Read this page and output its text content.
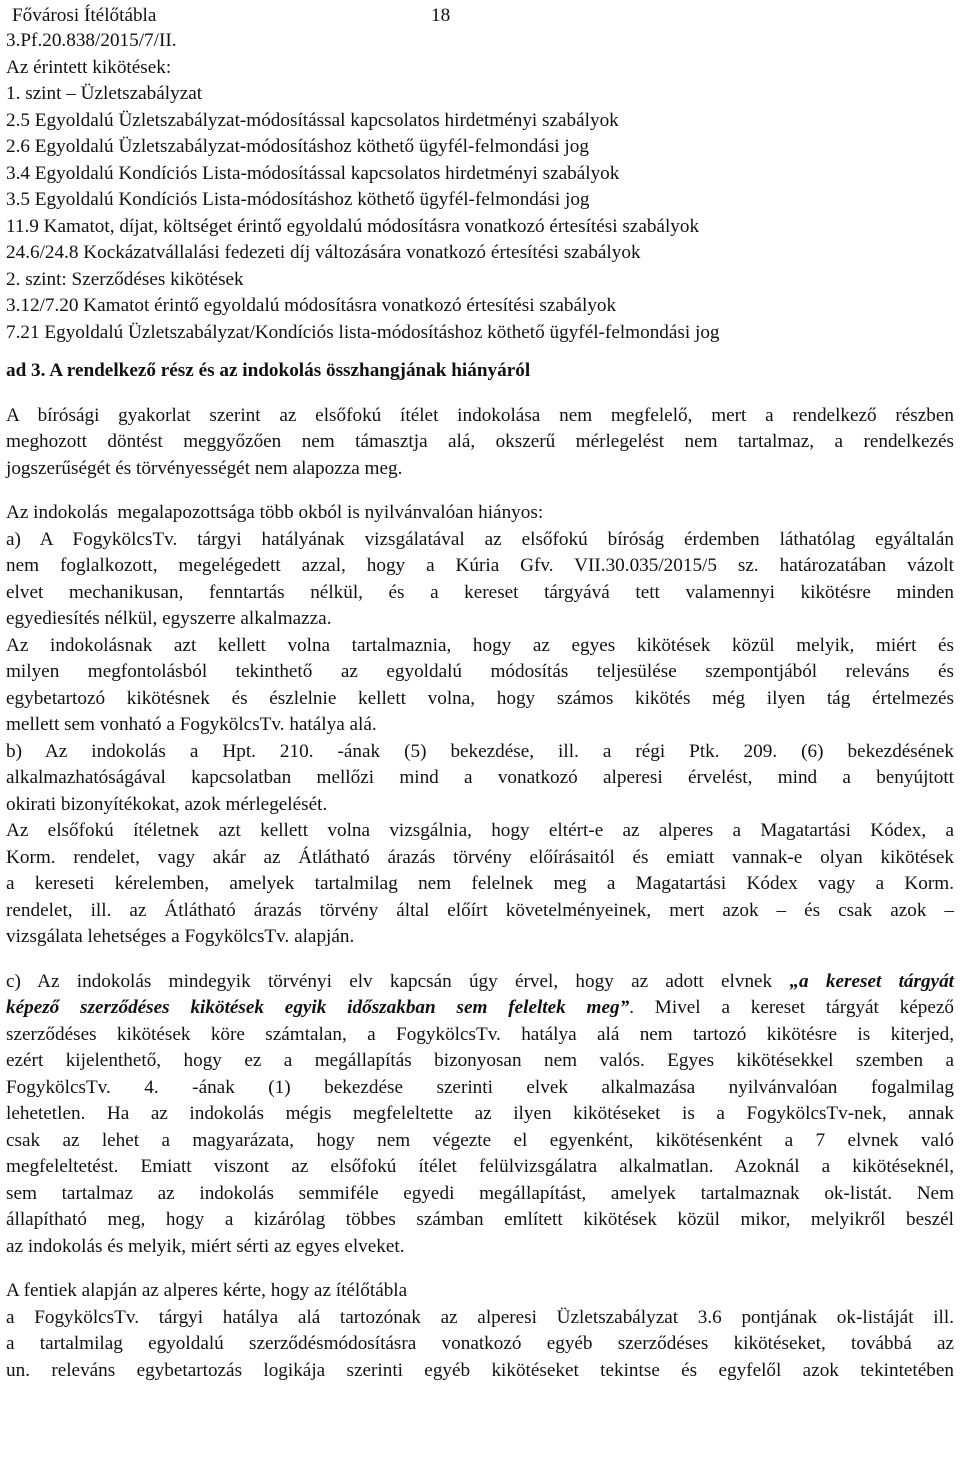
Fővárosi Ítélőtábla	18
3.Pf.20.838/2015/7/II.
Az érintett kikötések:
1. szint – Üzletszabályzat
2.5 Egyoldalú Üzletszabályzat-módosítással kapcsolatos hirdetményi szabályok
2.6 Egyoldalú Üzletszabályzat-módosításhoz köthető ügyfél-felmondási jog
3.4 Egyoldalú Kondíciós Lista-módosítással kapcsolatos hirdetményi szabályok
3.5 Egyoldalú Kondíciós Lista-módosításhoz köthető ügyfél-felmondási jog
11.9 Kamatot, díjat, költséget érintő egyoldalú módosításra vonatkozó értesítési szabályok
24.6/24.8 Kockázatvállalási fedezeti díj változására vonatkozó értesítési szabályok
2. szint: Szerződéses kikötések
3.12/7.20 Kamatot érintő egyoldalú módosításra vonatkozó értesítési szabályok
7.21 Egyoldalú Üzletszabályzat/Kondíciós lista-módosításhoz köthető ügyfél-felmondási jog
ad 3. A rendelkező rész és az indokolás összhangjának hiányáról
A bírósági gyakorlat szerint az elsőfokú ítélet indokolása nem megfelelő, mert a rendelkező részben
meghozott döntést meggyőzően nem támasztja alá, okszerű mérlegelést nem tartalmaz, a rendelkezés
jogszerűségét és törvényességét nem alapozza meg.
Az indokolás  megalapozottsága több okból is nyilvánvalóan hiányos:
a) A FogykölcsTv. tárgyi hatályának vizsgálatával az elsőfokú bíróság érdemben láthatólag egyáltalán
nem foglalkozott, megelégedett azzal, hogy a Kúria Gfv. VII.30.035/2015/5 sz. határozatában vázolt
elvet mechanikusan, fenntartás nélkül, és a kereset tárgyává tett valamennyi kikötésre minden
egyediesítés nélkül, egyszerre alkalmazza.
Az indokolásnak azt kellett volna tartalmaznia, hogy az egyes kikötések közül melyik, miért és
milyen megfontolásból tekinthető az egyoldalú módosítás teljesülése szempontjából releváns és
egybetartozó kikötésnek és észlelnie kellett volna, hogy számos kikötés még ilyen tág értelmezés
mellett sem vonható a FogykölcsTv. hatálya alá.
b) Az indokolás a Hpt. 210. -ának (5) bekezdése, ill. a régi Ptk. 209. (6) bekezdésének
alkalmazhatóságával kapcsolatban mellőzi mind a vonatkozó alperesi érvelést, mind a benyújtott
okirati bizonyítékokat, azok mérlegelését.
Az elsőfokú ítéletnek azt kellett volna vizsgálnia, hogy eltért-e az alperes a Magatartási Kódex, a
Korm. rendelet, vagy akár az Átlátható árazás törvény előírásaitól és emiatt vannak-e olyan kikötések
a kereseti kérelemben, amelyek tartalmilag nem felelnek meg a Magatartási Kódex vagy a Korm.
rendelet, ill. az Átlátható árazás törvény által előírt követelményeinek, mert azok – és csak azok –
vizsgálata lehetséges a FogykölcsTv. alapján.
c) Az indokolás mindegyik törvényi elv kapcsán úgy érvel, hogy az adott elvnek „a kereset tárgyát
képező szerződéses kikötések egyik időszakban sem feleltek meg”. Mivel a kereset tárgyát képező
szerződéses kikötések köre számtalan, a FogykölcsTv. hatálya alá nem tartozó kikötésre is kiterjed,
ezért kijelenthető, hogy ez a megállapítás bizonyosan nem valós. Egyes kikötésekkel szemben a
FogykölcsTv. 4. -ának (1) bekezdése szerinti elvek alkalmazása nyilvánvalóan fogalmilag
lehetetlen. Ha az indokolás mégis megfeleltette az ilyen kikötéseket is a FogykölcsTv-nek, annak
csak az lehet a magyarázata, hogy nem végezte el egyenként, kikötésenként a 7 elvnek való
megfeleltetést. Emiatt viszont az elsőfokú ítélet felülvizsgálatra alkalmatlan. Azoknál a kikötéseknél,
sem tartalmaz az indokolás semmiféle egyedi megállapítást, amelyek tartalmaznak ok-listát. Nem
állapítható meg, hogy a kizárólag többes számban említett kikötések közül mikor, melyikről beszél
az indokolás és melyik, miért sérti az egyes elveket.
A fentiek alapján az alperes kérte, hogy az ítélőtábla
a FogykölcsTv. tárgyi hatálya alá tartozónak az alperesi Üzletszabályzat 3.6 pontjának ok-listáját ill.
a tartalmilag egyoldalú szerződésmódosításra vonatkozó egyéb szerződéses kikötéseket, továbbá az
un. releváns egybetartozás logikája szerinti egyéb kikötéseket tekintse és egyfelől azok tekintetében
